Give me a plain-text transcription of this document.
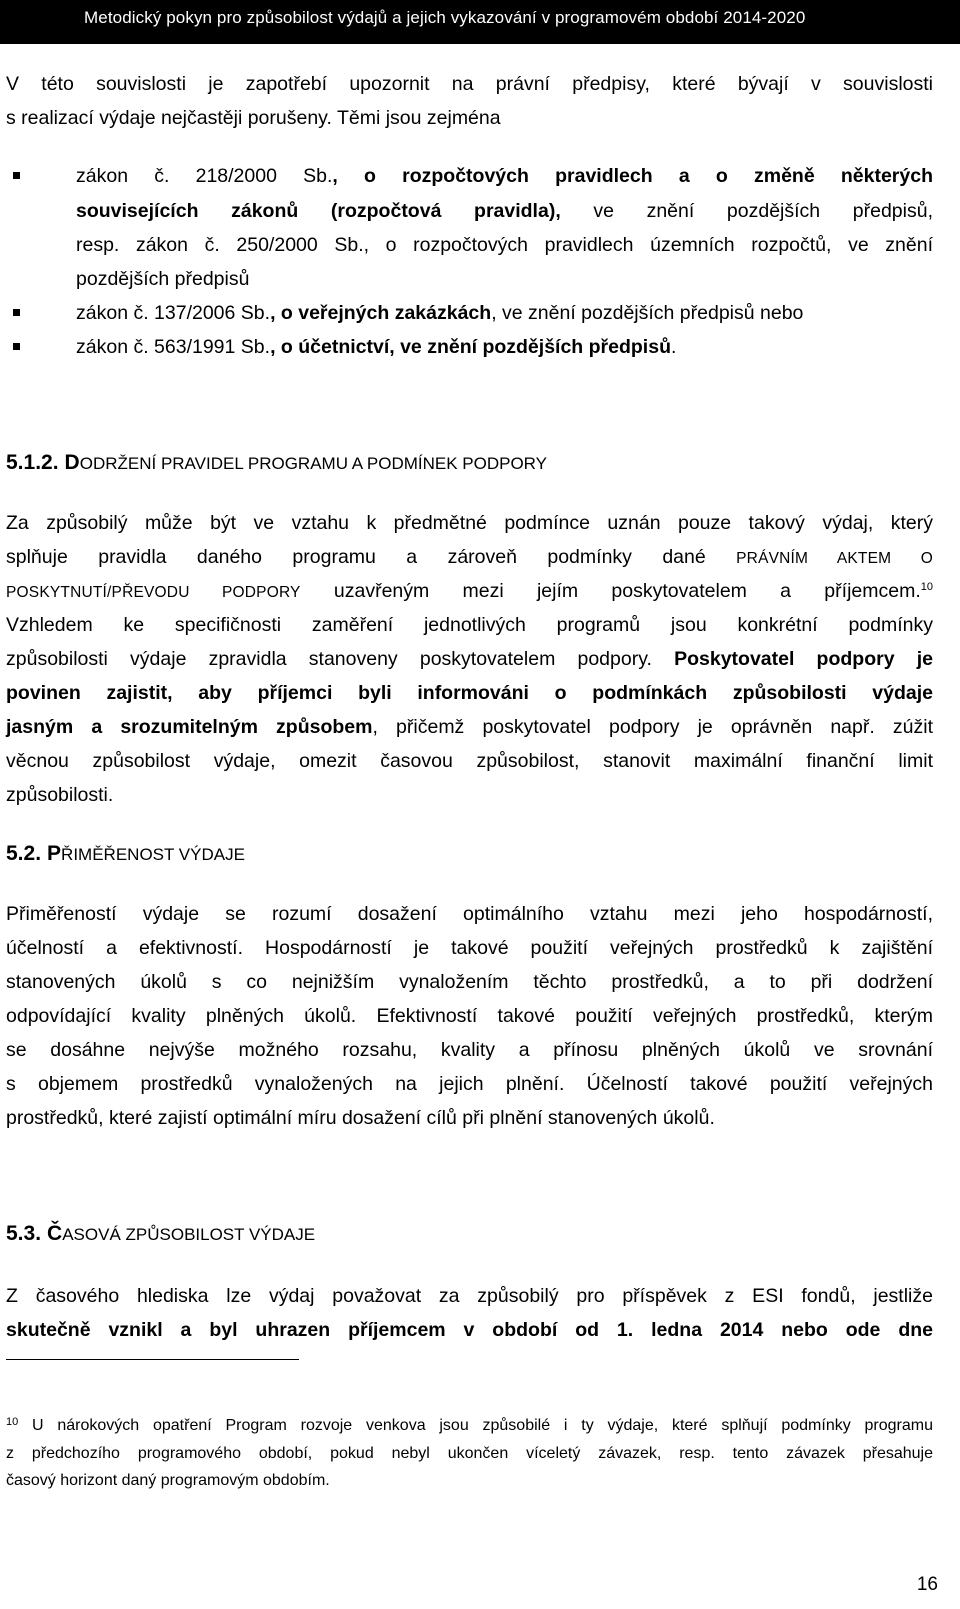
Metodický pokyn pro způsobilost výdajů a jejich vykazování v programovém období 2014-2020
V této souvislosti je zapotřebí upozornit na právní předpisy, které bývají v souvislosti
s realizací výdaje nejčastěji porušeny. Těmi jsou zejména
zákon č. 218/2000 Sb., o rozpočtových pravidlech a o změně některých
souvisejících zákonů (rozpočtová pravidla), ve znění pozdějších předpisů,
resp. zákon č. 250/2000 Sb., o rozpočtových pravidlech územních rozpočtů, ve znění
pozdějších předpisů
zákon č. 137/2006 Sb., o veřejných zakázkách, ve znění pozdějších předpisů nebo
zákon č. 563/1991 Sb., o účetnictví, ve znění pozdějších předpisů.
5.1.2. DODRŽENÍ PRAVIDEL PROGRAMU A PODMÍNEK PODPORY
Za způsobilý může být ve vztahu k předmětné podmínce uznán pouze takový výdaj, který
splňuje pravidla daného programu a zároveň podmínky dané PRÁVNÍM AKTEM O
POSKYTNUTÍ/PŘEVODU PODPORY uzavřeným mezi jejím poskytovatelem a příjemcem.$^{10}$
Vzhledem ke specifičnosti zaměření jednotlivých programů jsou konkrétní podmínky
způsobilosti výdaje zpravidla stanoveny poskytovatelem podpory. Poskytovatel podpory je
povinen zajistit, aby příjemci byli informováni o podmínkách způsobilosti výdaje
jasným a srozumitelným způsobem, přičemž poskytovatel podpory je oprávněn např. zúžit
věcnou způsobilost výdaje, omezit časovou způsobilost, stanovit maximální finanční limit
způsobilosti.
5.2. PŘIMĚŘENOST VÝDAJE
Přiměřeností výdaje se rozumí dosažení optimálního vztahu mezi jeho hospodárností,
účelností a efektivností. Hospodárností je takové použití veřejných prostředků k zajištění
stanovených úkolů s co nejnižším vynaložením těchto prostředků, a to při dodržení
odpovídající kvality plněných úkolů. Efektivností takové použití veřejných prostředků, kterým
se dosáhne nejvýše možného rozsahu, kvality a přínosu plněných úkolů ve srovnání
s objemem prostředků vynaložených na jejich plnění. Účelností takové použití veřejných
prostředků, které zajistí optimální míru dosažení cílů při plnění stanovených úkolů.
5.3. ČASOVÁ ZPŮSOBILOST VÝDAJE
Z časového hlediska lze výdaj považovat za způsobilý pro příspěvek z ESI fondů, jestliže
skutečně vznikl a byl uhrazen příjemcem v období od 1. ledna 2014 nebo ode dne
$^{10}$ U nárokových opatření Program rozvoje venkova jsou způsobilé i ty výdaje, které splňují podmínky programu
z předchozího programového období, pokud nebyl ukončen víceletý závazek, resp. tento závazek přesahuje
časový horizont daný programovým obdobím.
16
